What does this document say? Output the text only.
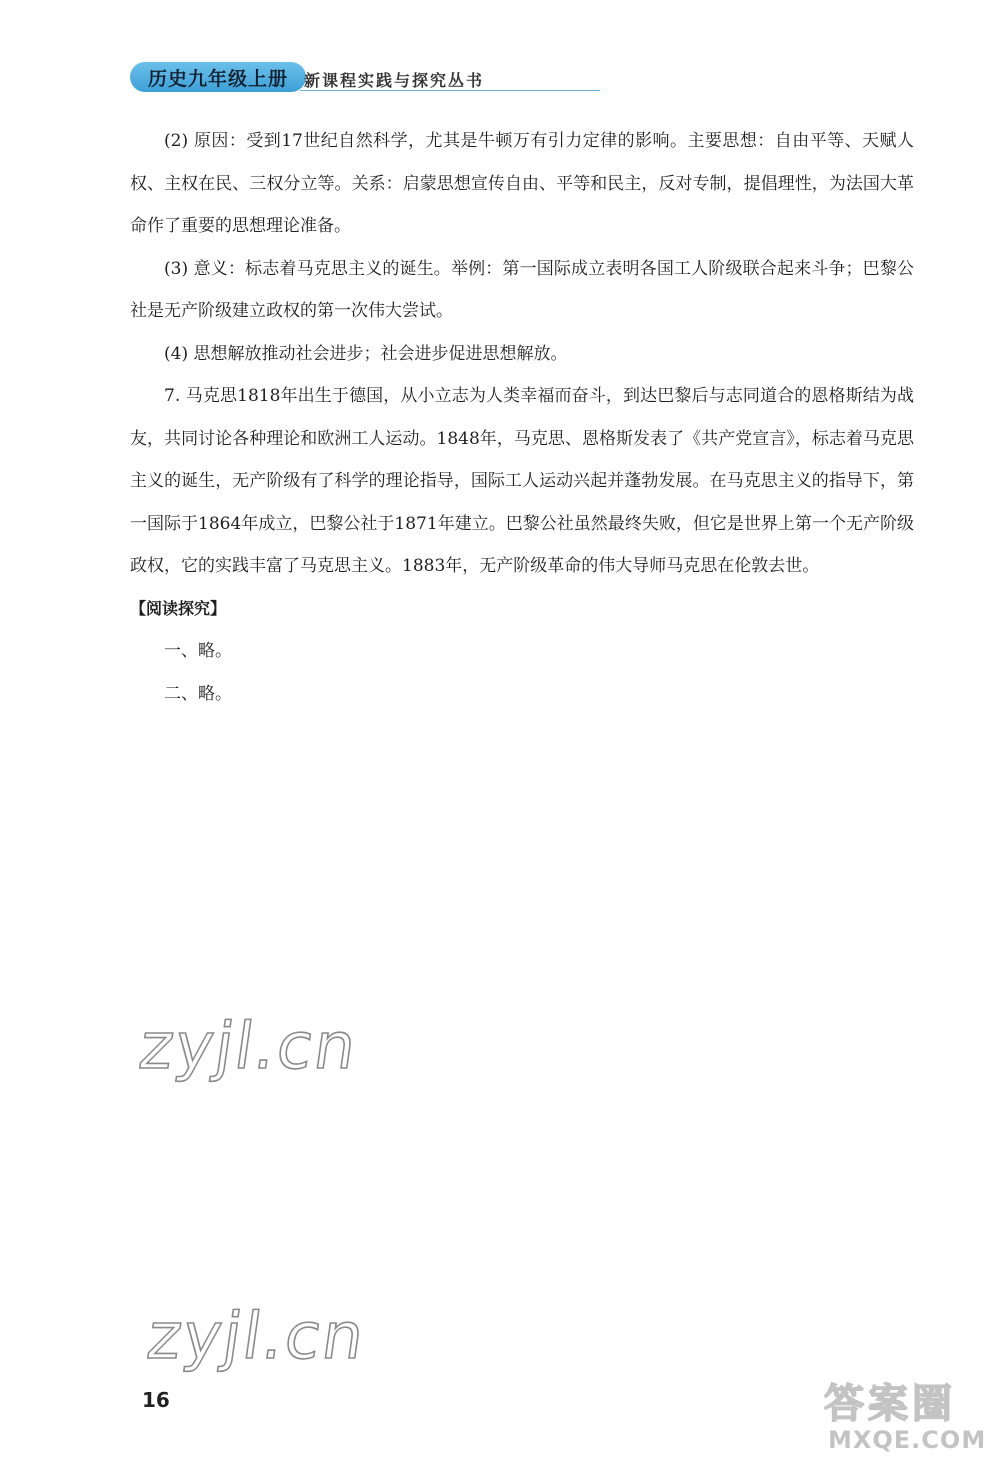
历史九年级上册 新课程实践与探究丛书

(2) 原因：受到17世纪自然科学，尤其是牛顿万有引力定律的影响。主要思想：自由平等、天赋人权、主权在民、三权分立等。关系：启蒙思想宣传自由、平等和民主，反对专制，提倡理性，为法国大革命作了重要的思想理论准备。

(3) 意义：标志着马克思主义的诞生。举例：第一国际成立表明各国工人阶级联合起来斗争；巴黎公社是无产阶级建立政权的第一次伟大尝试。

(4) 思想解放推动社会进步；社会进步促进思想解放。

7. 马克思1818年出生于德国，从小立志为人类幸福而奋斗，到达巴黎后与志同道合的恩格斯结为战友，共同讨论各种理论和欧洲工人运动。1848年，马克思、恩格斯发表了《共产党宣言》，标志着马克思主义的诞生，无产阶级有了科学的理论指导，国际工人运动兴起并蓬勃发展。在马克思主义的指导下，第一国际于1864年成立，巴黎公社于1871年建立。巴黎公社虽然最终失败，但它是世界上第一个无产阶级政权，它的实践丰富了马克思主义。1883年，无产阶级革命的伟大导师马克思在伦敦去世。

【阅读探究】

一、略。

二、略。

zyjl.cn
zyjl.cn
16	答案圈
MXQE.COM
